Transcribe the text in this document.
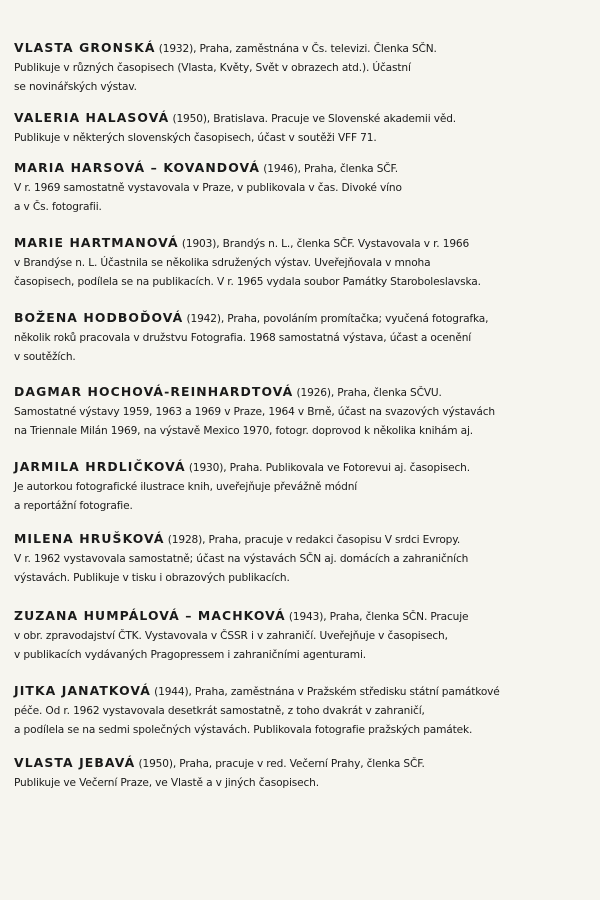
VLASTA GRONSKÁ (1932), Praha, zaměstnána v Čs. televizi. Členka SČN.
Publikuje v různých časopisech (Vlasta, Květy, Svět v obrazech atd.). Účastní
se novinářských výstav.
VALERIA HALASOVÁ (1950), Bratislava. Pracuje ve Slovenské akademii věd.
Publikuje v některých slovenských časopisech, účast v soutěži VFF 71.
MARIA HARSOVÁ – KOVANDOVÁ (1946), Praha, členka SČF.
V r. 1969 samostatně vystavovala v Praze, v publikovala v čas. Divoké víno
a v Čs. fotografii.
MARIE HARTMANOVÁ (1903), Brandýs n. L., členka SČF. Vystavovala v r. 1966
v Brandýse n. L. Účastnila se několika sdružených výstav. Uveřejňovala v mnoha
časopisech, podílela se na publikacích. V r. 1965 vydala soubor Památky Staroboleslavska.
BOŽENA HODBOĎOVÁ (1942), Praha, povoláním promítačka; vyučená fotografka,
několik roků pracovala v družstvu Fotografia. 1968 samostatná výstava, účast a ocenění
v soutěžích.
DAGMAR HOCHOVÁ-REINHARDTOVÁ (1926), Praha, členka SČVU.
Samostatné výstavy 1959, 1963 a 1969 v Praze, 1964 v Brně, účast na svazových výstavách
na Triennale Milán 1969, na výstavě Mexico 1970, fotogr. doprovod k několika knihám aj.
JARMILA HRDLIČKOVÁ (1930), Praha. Publikovala ve Fotorevui aj. časopisech.
Je autorkou fotografické ilustrace knih, uveřejňuje převážně módní
a reportážní fotografie.
MILENA HRUŠKOVÁ (1928), Praha, pracuje v redakci časopisu V srdci Evropy.
V r. 1962 vystavovala samostatně; účast na výstavách SČN aj. domácích a zahraničních
výstavách. Publikuje v tisku i obrazových publikacích.
ZUZANA HUMPÁLOVÁ – MACHKOVÁ (1943), Praha, členka SČN. Pracuje
v obr. zpravodajství ČTK. Vystavovala v ČSSR i v zahraničí. Uveřejňuje v časopisech,
v publikacích vydávaných Pragopressem i zahraničními agenturami.
JITKA JANATKOVÁ (1944), Praha, zaměstnána v Pražském středisku státní památkové
péče. Od r. 1962 vystavovala desetkrát samostatně, z toho dvakrát v zahraničí,
a podílela se na sedmi společných výstavách. Publikovala fotografie pražských památek.
VLASTA JEBAVÁ (1950), Praha, pracuje v red. Večerní Prahy, členka SČF.
Publikuje ve Večerní Praze, ve Vlastě a v jiných časopisech.
